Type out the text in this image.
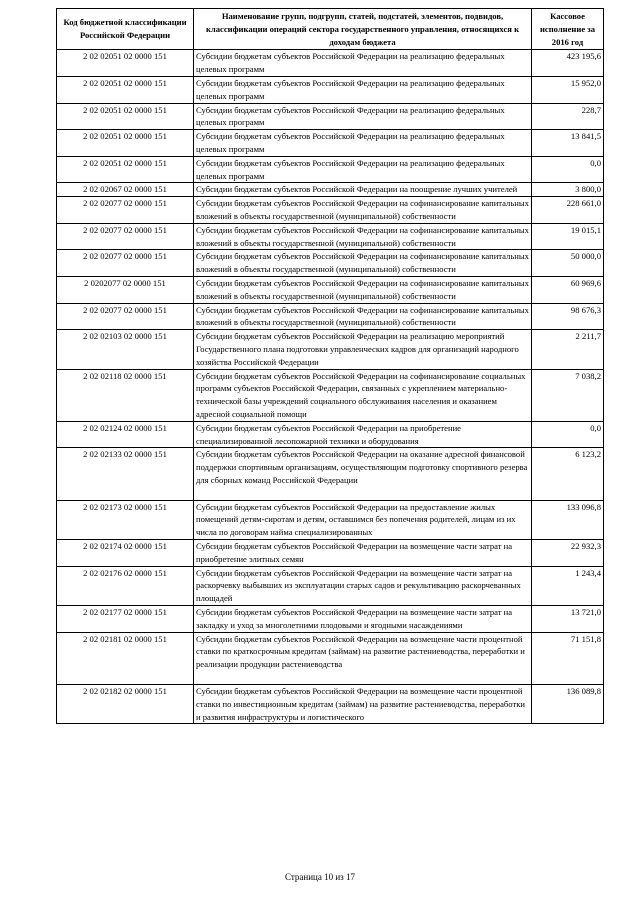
Код бюджетной классификации Российской Федерации	Наименование групп, подгрупп, статей, подстатей, элементов, подвидов, классификации операций сектора государственного управления, относящихся к доходам бюджета	Кассовое исполнение за 2016 год
2 02 02051 02 0000 151	Субсидии бюджетам субъектов Российской Федерации на реализацию федеральных целевых программ	423 195,6
2 02 02051 02 0000 151	Субсидии бюджетам субъектов Российской Федерации на реализацию федеральных целевых программ	15 952,0
2 02 02051 02 0000 151	Субсидии бюджетам субъектов Российской Федерации на реализацию федеральных целевых программ	228,7
2 02 02051 02 0000 151	Субсидии бюджетам субъектов Российской Федерации на реализацию федеральных целевых программ	13 841,5
2 02 02051 02 0000 151	Субсидии бюджетам субъектов Российской Федерации на реализацию федеральных целевых программ	0,0
2 02 02067 02 0000 151	Субсидии бюджетам субъектов Российской Федерации на поощрение лучших учителей	3 800,0
2 02 02077 02 0000 151	Субсидии бюджетам субъектов Российской Федерации на софинансирование капитальных вложений в объекты государственной (муниципальной) собственности	228 661,0
2 02 02077 02 0000 151	Субсидии бюджетам субъектов Российской Федерации на софинансирование капитальных вложений в объекты государственной (муниципальной) собственности	19 015,1
2 02 02077 02 0000 151	Субсидии бюджетам субъектов Российской Федерации на софинансирование капитальных вложений в объекты государственной (муниципальной) собственности	50 000,0
2 0202077 02 0000 151	Субсидии бюджетам субъектов Российской Федерации на софинансирование капитальных вложений в объекты государственной (муниципальной) собственности	60 969,6
2 02 02077 02 0000 151	Субсидии бюджетам субъектов Российской Федерации на софинансирование капитальных вложений в объекты государственной (муниципальной) собственности	98 676,3
2 02 02103 02 0000 151	Субсидии бюджетам субъектов Российской Федерации на реализацию мероприятий Государственного плана подготовки управленческих кадров для организаций народного хозяйства Российской Федерации	2 211,7
2 02 02118 02 0000 151	Субсидии бюджетам субъектов Российской Федерации на софинансирование социальных программ субъектов Российской Федерации, связанных с укреплением материально-технической базы учреждений социального обслуживания населения и оказанием адресной социальной помощи	7 038,2
2 02 02124 02 0000 151	Субсидии бюджетам субъектов Российской Федерации на приобретение специализированной лесопожарной техники и оборудования	0,0
2 02 02133 02 0000 151	Субсидии бюджетам субъектов Российской Федерации на оказание адресной финансовой поддержки спортивным организациям, осуществляющим подготовку спортивного резерва для сборных команд Российской Федерации	6 123,2
2 02 02173 02 0000 151	Субсидии бюджетам субъектов Российской Федерации на предоставление жилых помещений детям-сиротам и детям, оставшимся без попечения родителей, лицам из их числа по договорам найма специализированных	133 096,8
2 02 02174 02 0000 151	Субсидии бюджетам субъектов Российской Федерации на возмещение части затрат на приобретение элитных семян	22 932,3
2 02 02176 02 0000 151	Субсидии бюджетам субъектов Российской Федерации на возмещение части затрат на раскорчевку выбывших из эксплуатации старых садов и рекультивацию раскорчеванных площадей	1 243,4
2 02 02177 02 0000 151	Субсидии бюджетам субъектов Российской Федерации на возмещение части затрат на закладку и уход за многолетними плодовыми и ягодными насаждениями	13 721,0
2 02 02181 02 0000 151	Субсидии бюджетам субъектов Российской Федерации на возмещение части процентной ставки по краткосрочным кредитам (займам) на развитие растениеводства, переработки и реализации продукции растениеводства	71 151,8
2 02 02182 02 0000 151	Субсидии бюджетам субъектов Российской Федерации на возмещение части процентной ставки по инвестиционным кредитам (займам) на развитие растениеводства, переработки и развития инфраструктуры и логистического	136 089,8
Страница 10 из 17
